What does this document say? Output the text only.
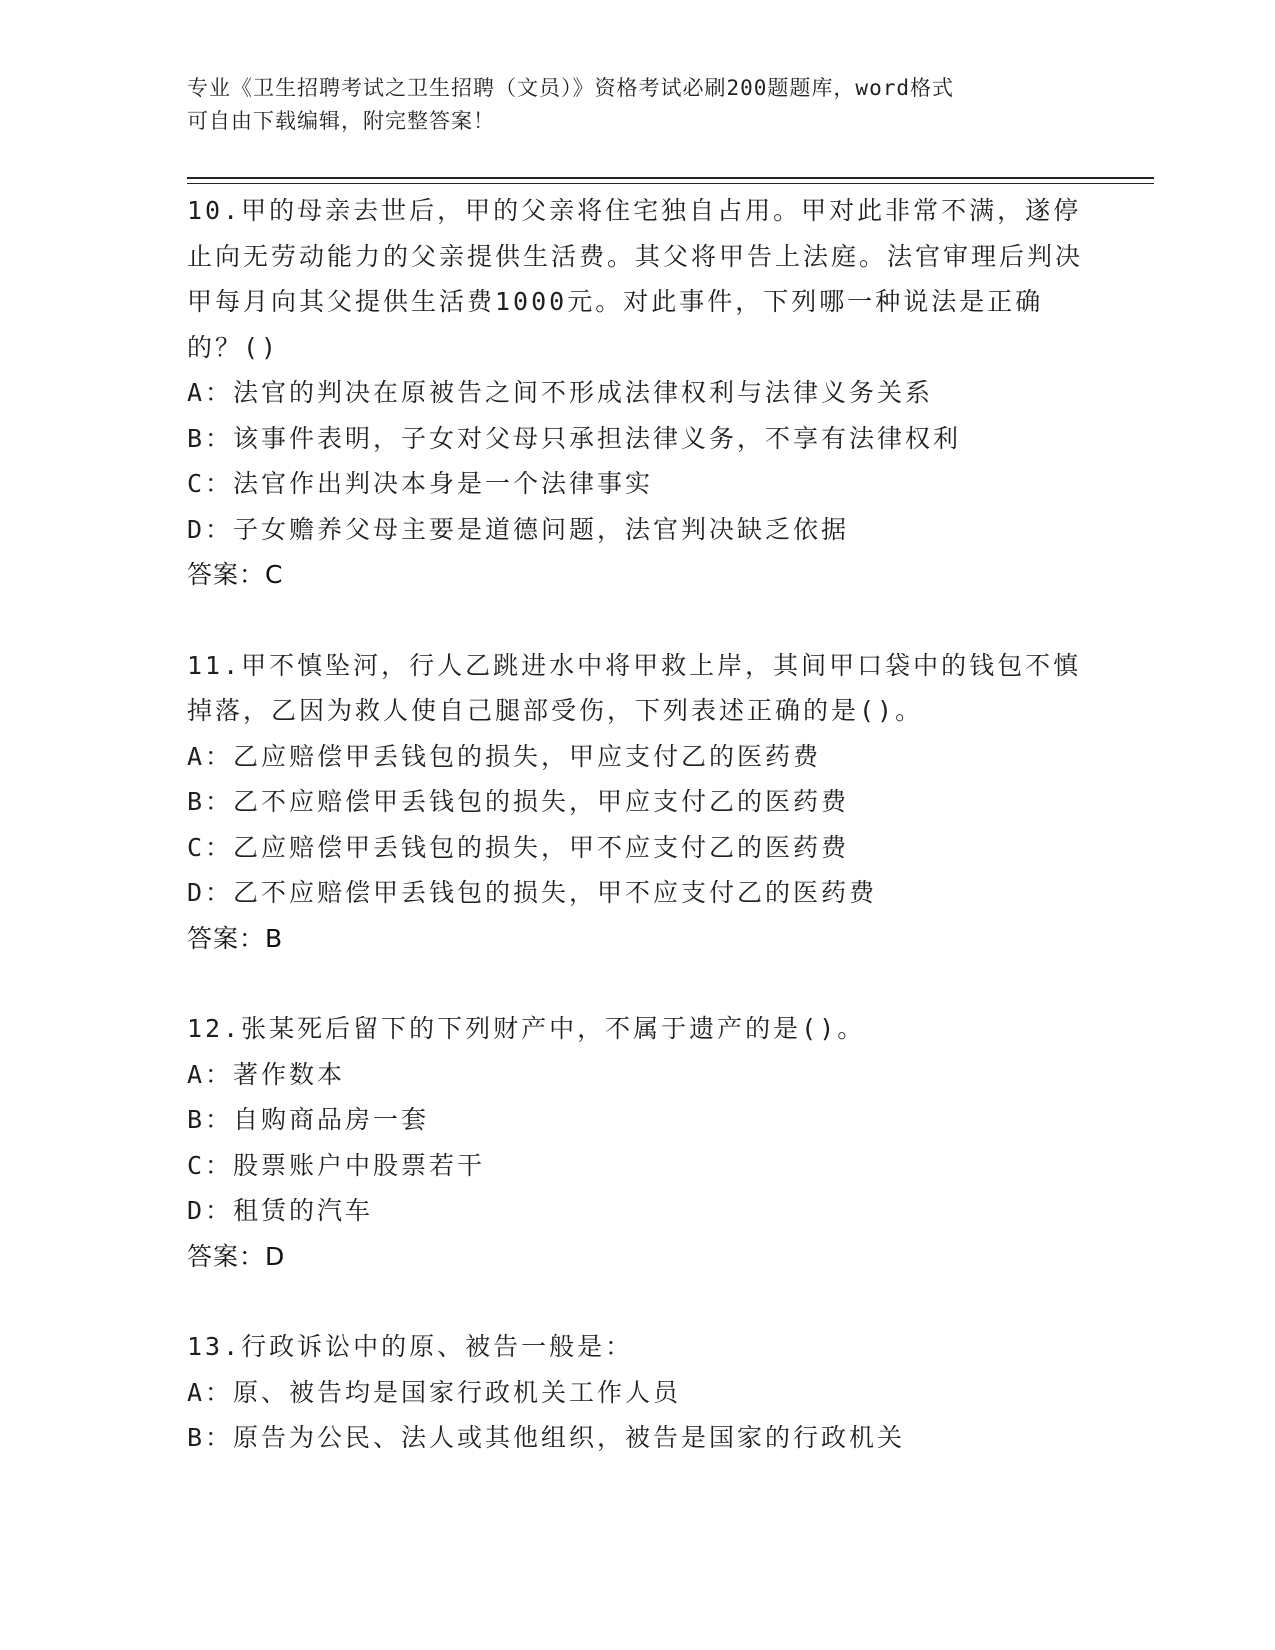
专业《卫生招聘考试之卫生招聘（文员）》资格考试必刷200题题库，word格式
可自由下载编辑，附完整答案！

10.甲的母亲去世后，甲的父亲将住宅独自占用。甲对此非常不满，遂停止向无劳动能力的父亲提供生活费。其父将甲告上法庭。法官审理后判决甲每月向其父提供生活费1000元。对此事件，下列哪一种说法是正确的？()

A：法官的判决在原被告之间不形成法律权利与法律义务关系

B：该事件表明，子女对父母只承担法律义务，不享有法律权利

C：法官作出判决本身是一个法律事实

D：子女赡养父母主要是道德问题，法官判决缺乏依据

答案：C

11.甲不慎坠河，行人乙跳进水中将甲救上岸，其间甲口袋中的钱包不慎掉落，乙因为救人使自己腿部受伤，下列表述正确的是()。

A：乙应赔偿甲丢钱包的损失，甲应支付乙的医药费

B：乙不应赔偿甲丢钱包的损失，甲应支付乙的医药费

C：乙应赔偿甲丢钱包的损失，甲不应支付乙的医药费

D：乙不应赔偿甲丢钱包的损失，甲不应支付乙的医药费

答案：B

12.张某死后留下的下列财产中，不属于遗产的是()。

A：著作数本

B：自购商品房一套

C：股票账户中股票若干

D：租赁的汽车

答案：D

13.行政诉讼中的原、被告一般是：

A：原、被告均是国家行政机关工作人员

B：原告为公民、法人或其他组织，被告是国家的行政机关
